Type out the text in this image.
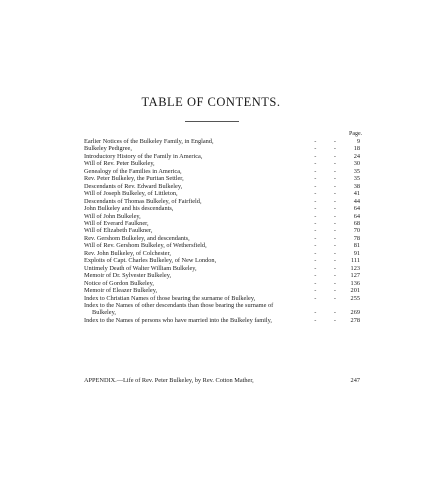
TABLE OF CONTENTS.
Page.
Earlier Notices of the Bulkeley Family, in England,	- -	9
Bulkeley Pedigree,	- -	18
Introductory History of the Family in America,	- -	24
Will of Rev. Peter Bulkeley,	- -	30
Genealogy of the Families in America,	- -	35
Rev. Peter Bulkeley, the Puritan Settler,	- -	35
Descendants of Rev. Edward Bulkeley,	- -	38
Will of Joseph Bulkeley, of Littleton,	- -	41
Descendants of Thomas Bulkeley, of Fairfield,	- -	44
John Bulkeley and his descendants,	- -	64
Will of John Bulkeley,	- -	64
Will of Everard Faulkner,	- -	68
Will of Elizabeth Faulkner,	- -	70
Rev. Gershom Bulkeley, and descendants,	- -	78
Will of Rev. Gershom Bulkeley, of Wethersfield,	- -	81
Rev. John Bulkeley, of Colchester,	- -	91
Exploits of Capt. Charles Bulkeley, of New London,	- -	111
Untimely Death of Walter William Bulkeley,	- -	123
Memoir of Dr. Sylvester Bulkeley,	- -	127
Notice of Gordon Bulkeley,	- -	136
Memoir of Eleazer Bulkeley,	- -	201
Index to Christian Names of those bearing the surname of Bulkeley,	- -	255
Index to the Names of other descendants than those bearing the surname of
Bulkeley,	- -	269
Index to the Names of persons who have married into the Bulkeley family,	- -	278
APPENDIX.—Life of Rev. Peter Bulkeley, by Rev. Cotton Mather,	247
